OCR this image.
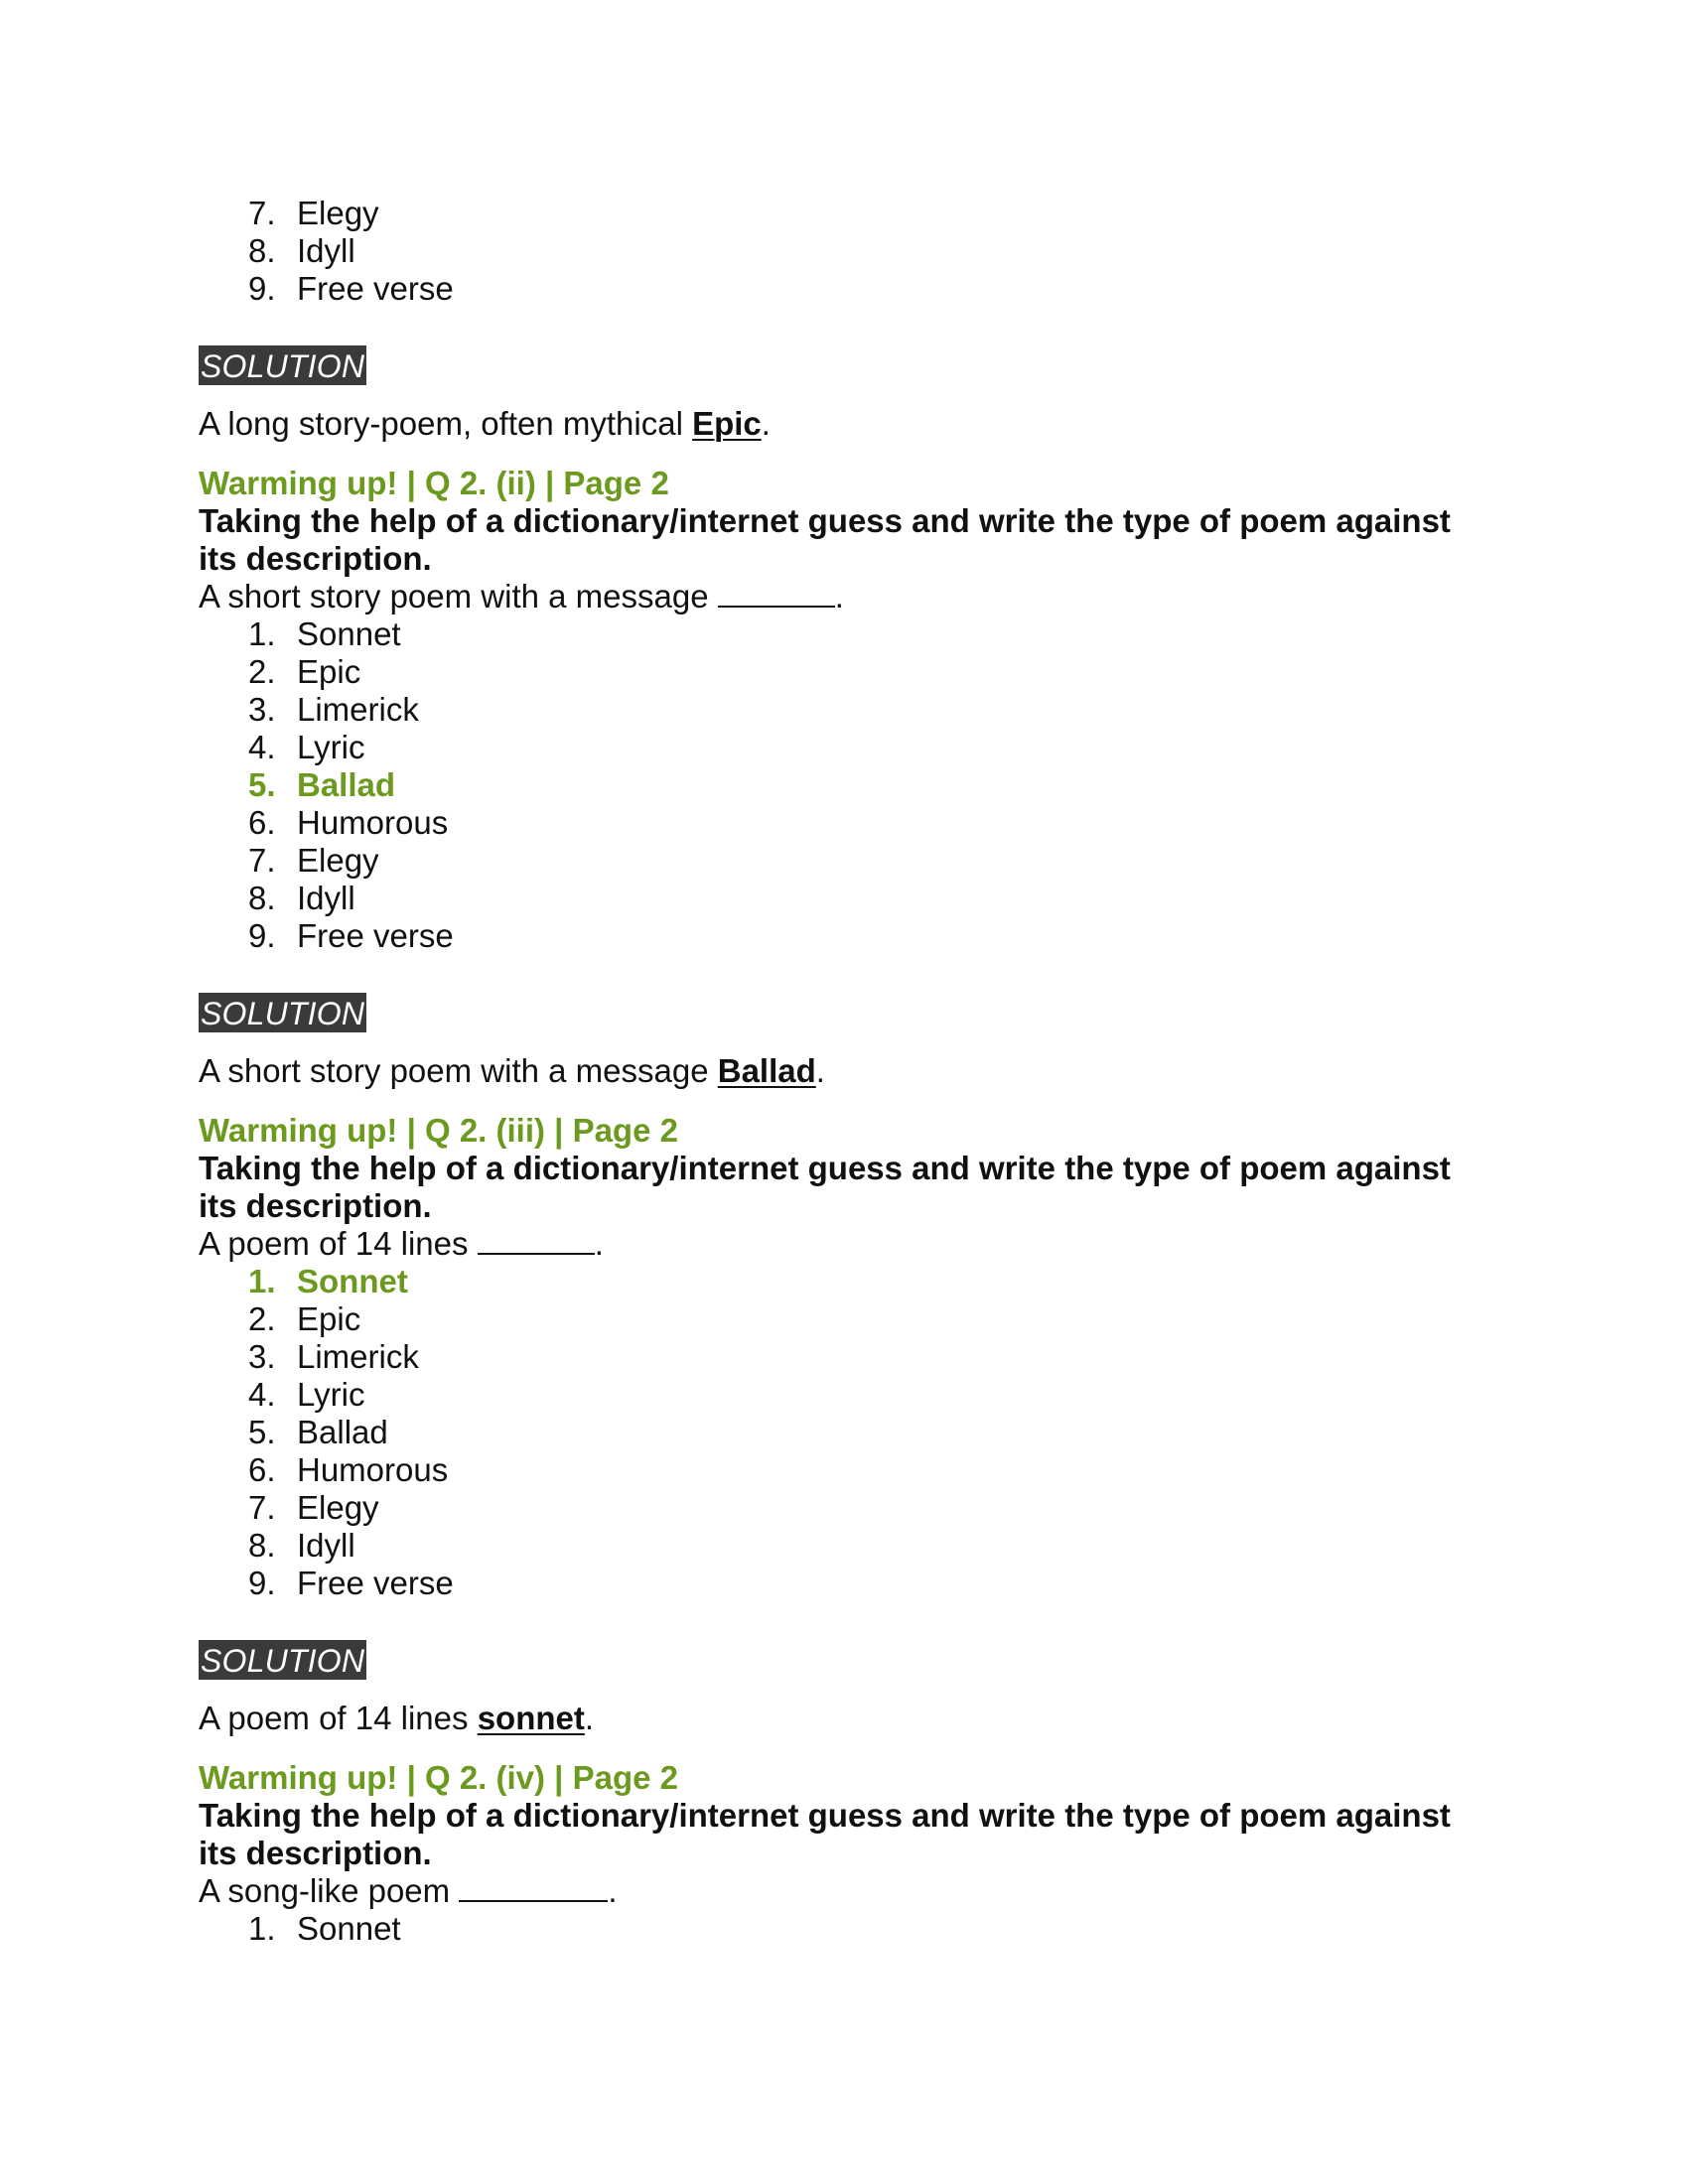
7. Elegy
8. Idyll
9. Free verse
SOLUTION

A long story-poem, often mythical Epic.

Warming up! | Q 2. (ii) | Page 2

Taking the help of a dictionary/internet guess and write the type of poem against its description.

A short story poem with a message	.

1. Sonnet
2. Epic
3. Limerick
4. Lyric
5. Ballad
6. Humorous
7. Elegy
8. Idyll
9. Free verse
SOLUTION

A short story poem with a message Ballad.

Warming up! | Q 2. (iii) | Page 2

Taking the help of a dictionary/internet guess and write the type of poem against its description.

A poem of 14 lines	.

1. Sonnet
2. Epic
3. Limerick
4. Lyric
5. Ballad
6. Humorous
7. Elegy
8. Idyll
9. Free verse
SOLUTION

A poem of 14 lines sonnet.

Warming up! | Q 2. (iv) | Page 2

Taking the help of a dictionary/internet guess and write the type of poem against its description.

A song-like poem	.

1. Sonnet
